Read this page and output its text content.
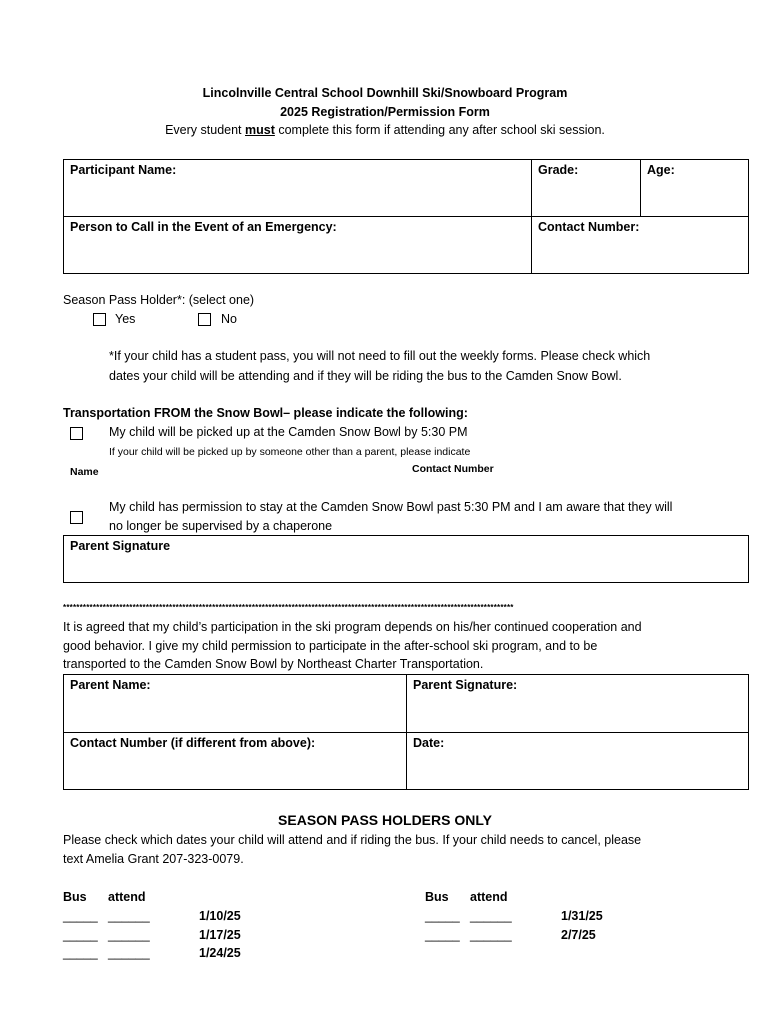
Lincolnville Central School Downhill Ski/Snowboard Program
2025 Registration/Permission Form
Every student must complete this form if attending any after school ski session.
Participant Name:	Grade:	Age:
Person to Call in the Event of an Emergency:	Contact Number:
Season Pass Holder*: (select one)
Yes	No
*If your child has a student pass, you will not need to fill out the weekly forms. Please check which
dates your child will be attending and if they will be riding the bus to the Camden Snow Bowl.
Transportation FROM the Snow Bowl– please indicate the following:
My child will be picked up at the Camden Snow Bowl by 5:30 PM
If your child will be picked up by someone other than a parent, please indicate
Name	Contact Number
My child has permission to stay at the Camden Snow Bowl past 5:30 PM and I am aware that they will
no longer be supervised by a chaperone
Parent Signature
****************************************************************************************************************************************
It is agreed that my child’s participation in the ski program depends on his/her continued cooperation and
good behavior. I give my child permission to participate in the after-school ski program, and to be
transported to the Camden Snow Bowl by Northeast Charter Transportation.
Parent Name:	Parent Signature:
Contact Number (if different from above):	Date:
SEASON PASS HOLDERS ONLY
Please check which dates your child will attend and if riding the bus. If your child needs to cancel, please
text Amelia Grant 207-323-0079.
Bus attend
_____ ______	1/10/25
_____ ______	1/17/25
_____ ______	1/24/25
Bus attend
_____ ______	1/31/25
_____ ______	2/7/25
